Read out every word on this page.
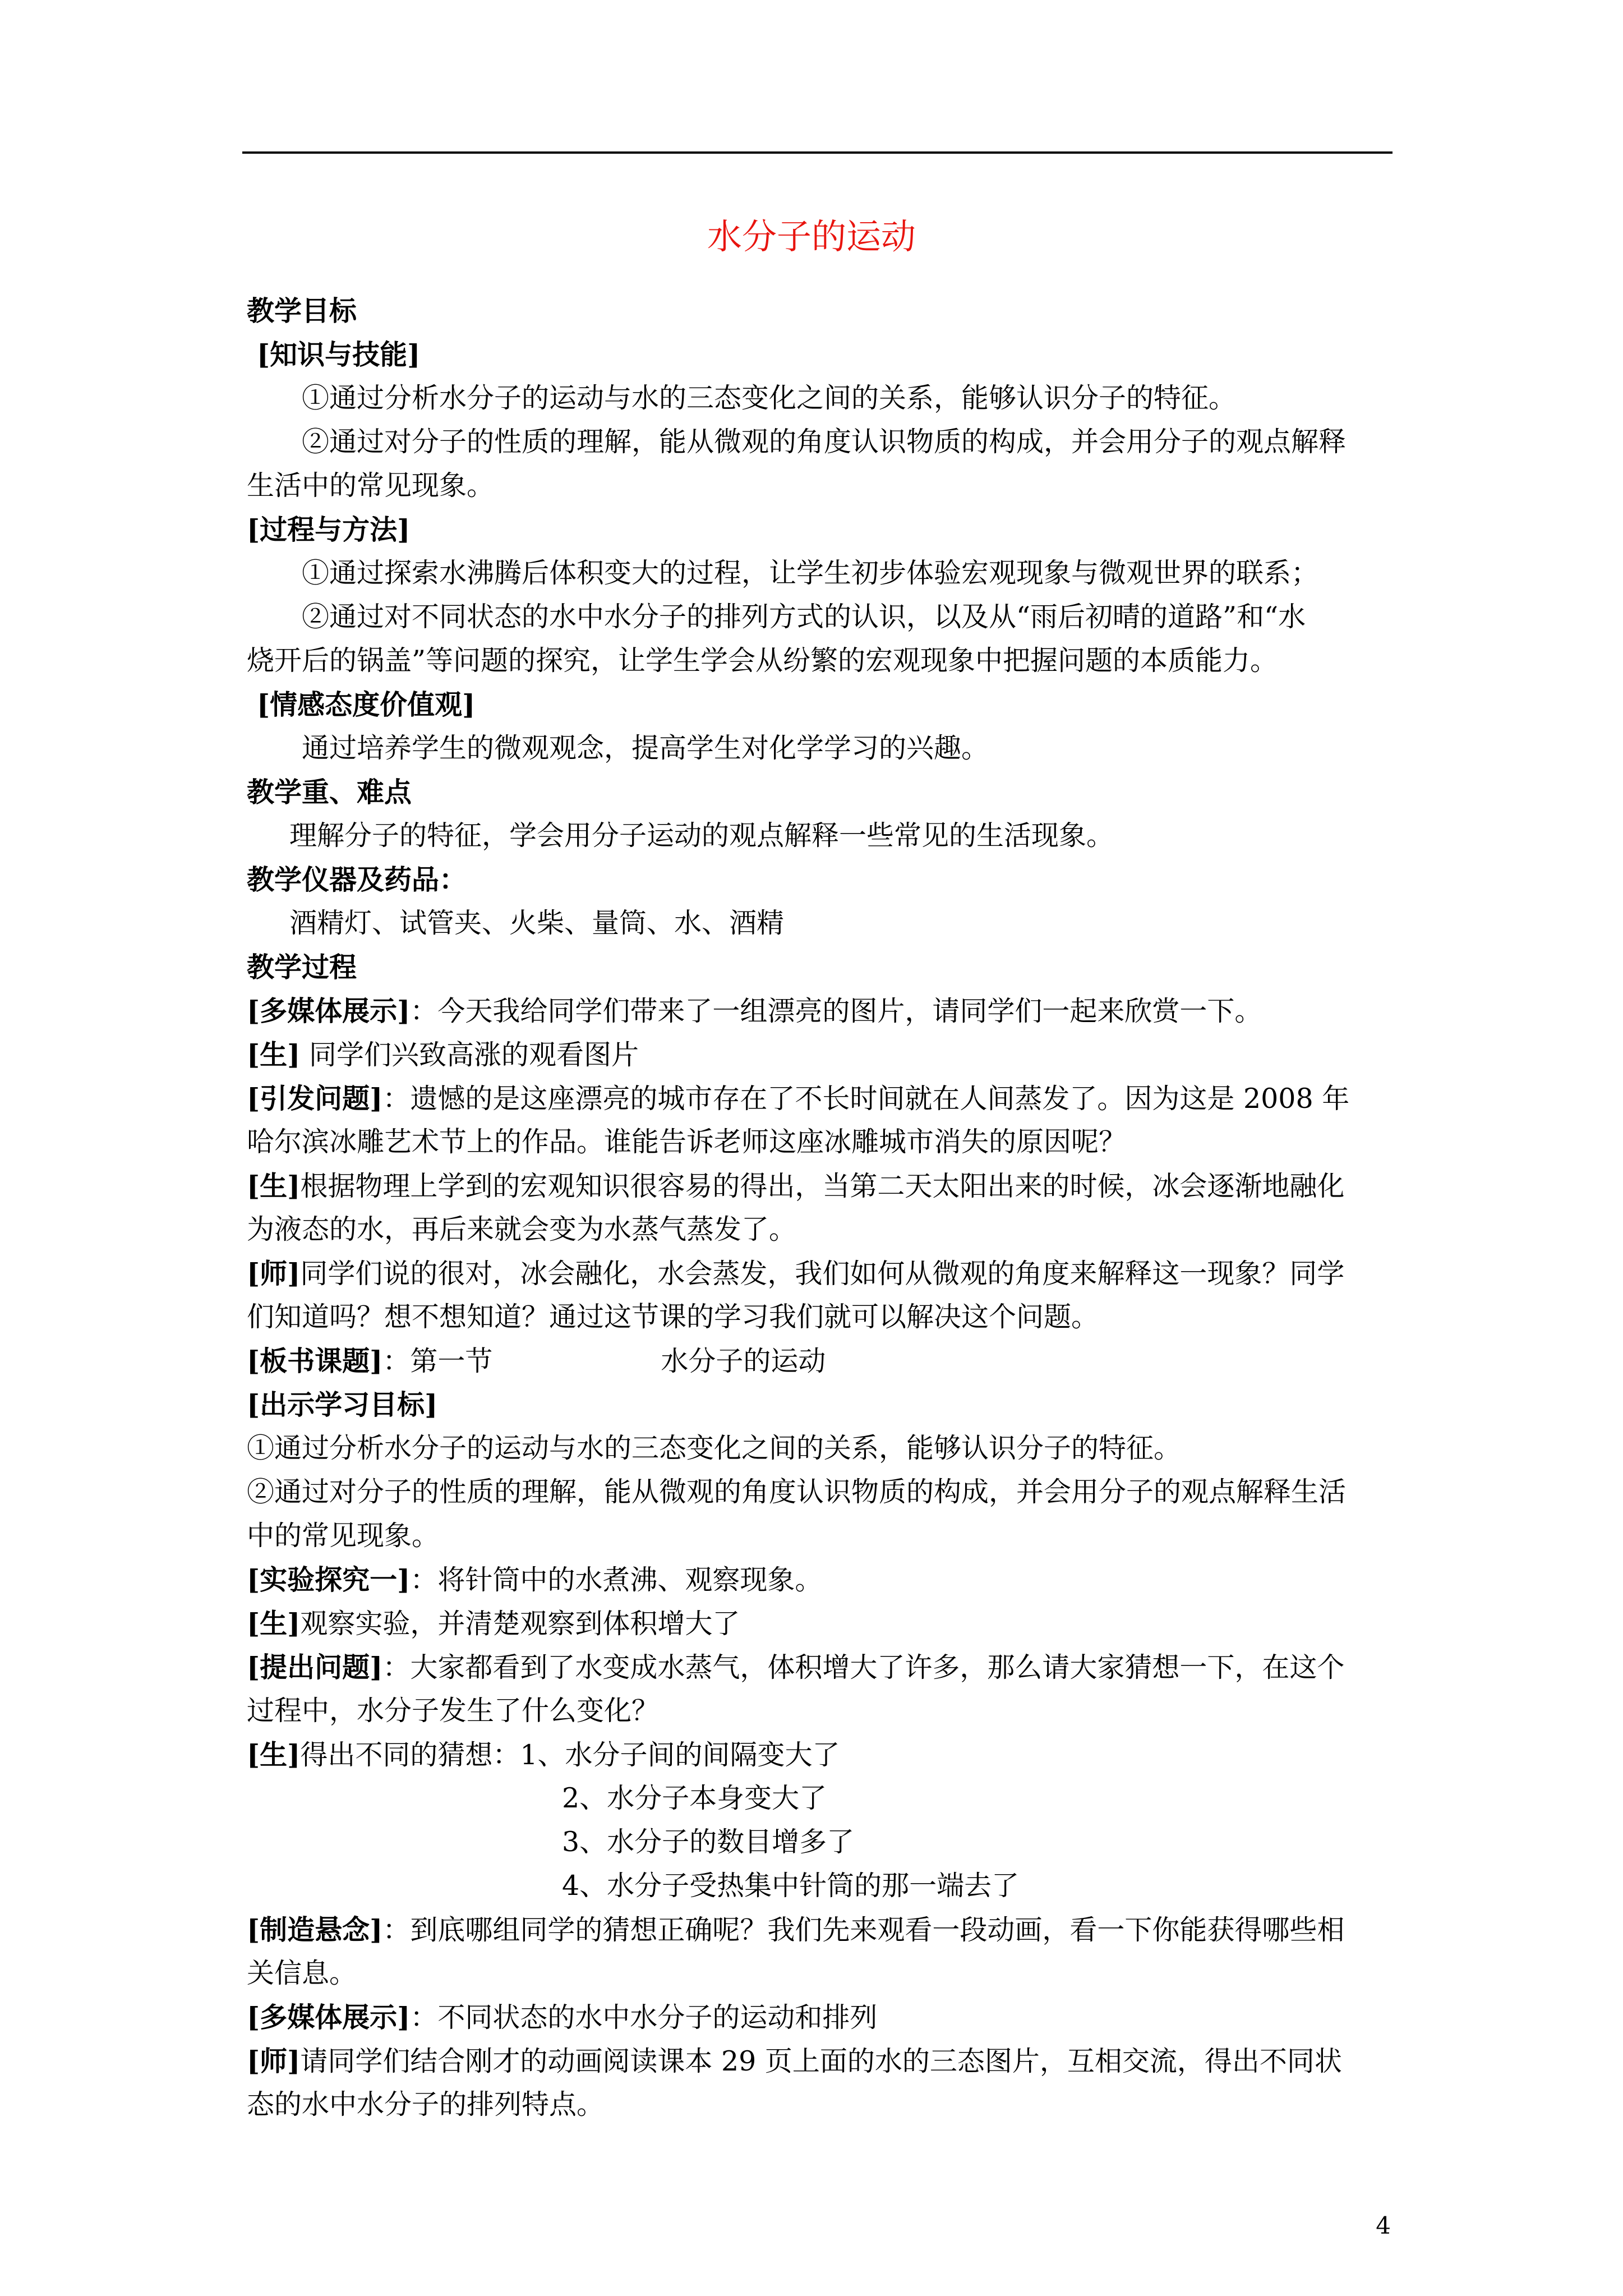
水分子的运动
教学目标
[知识与技能]
①通过分析水分子的运动与水的三态变化之间的关系，能够认识分子的特征。
②通过对分子的性质的理解，能从微观的角度认识物质的构成，并会用分子的观点解释
生活中的常见现象。
[过程与方法]
①通过探索水沸腾后体积变大的过程，让学生初步体验宏观现象与微观世界的联系；
②通过对不同状态的水中水分子的排列方式的认识，以及从“雨后初晴的道路”和“水
烧开后的锅盖”等问题的探究，让学生学会从纷繁的宏观现象中把握问题的本质能力。
[情感态度价值观]
通过培养学生的微观观念，提高学生对化学学习的兴趣。
教学重、难点
理解分子的特征，学会用分子运动的观点解释一些常见的生活现象。
教学仪器及药品：
酒精灯、试管夹、火柴、量筒、水、酒精
教学过程
[多媒体展示]：今天我给同学们带来了一组漂亮的图片，请同学们一起来欣赏一下。
[生] 同学们兴致高涨的观看图片
[引发问题]：遗憾的是这座漂亮的城市存在了不长时间就在人间蒸发了。因为这是 2008 年
哈尔滨冰雕艺术节上的作品。谁能告诉老师这座冰雕城市消失的原因呢？
[生]根据物理上学到的宏观知识很容易的得出，当第二天太阳出来的时候，冰会逐渐地融化
为液态的水，再后来就会变为水蒸气蒸发了。
[师]同学们说的很对，冰会融化，水会蒸发，我们如何从微观的角度来解释这一现象？同学
们知道吗？想不想知道？通过这节课的学习我们就可以解决这个问题。
[板书课题]：第一节	水分子的运动
[出示学习目标]
①通过分析水分子的运动与水的三态变化之间的关系，能够认识分子的特征。
②通过对分子的性质的理解，能从微观的角度认识物质的构成，并会用分子的观点解释生活
中的常见现象。
[实验探究一]：将针筒中的水煮沸、观察现象。
[生]观察实验，并清楚观察到体积增大了
[提出问题]：大家都看到了水变成水蒸气，体积增大了许多，那么请大家猜想一下，在这个
过程中，水分子发生了什么变化？
[生]得出不同的猜想：1、水分子间的间隔变大了
2、水分子本身变大了
3、水分子的数目增多了
4、水分子受热集中针筒的那一端去了
[制造悬念]：到底哪组同学的猜想正确呢？我们先来观看一段动画，看一下你能获得哪些相
关信息。
[多媒体展示]：不同状态的水中水分子的运动和排列
[师]请同学们结合刚才的动画阅读课本 29 页上面的水的三态图片，互相交流，得出不同状
态的水中水分子的排列特点。
4
